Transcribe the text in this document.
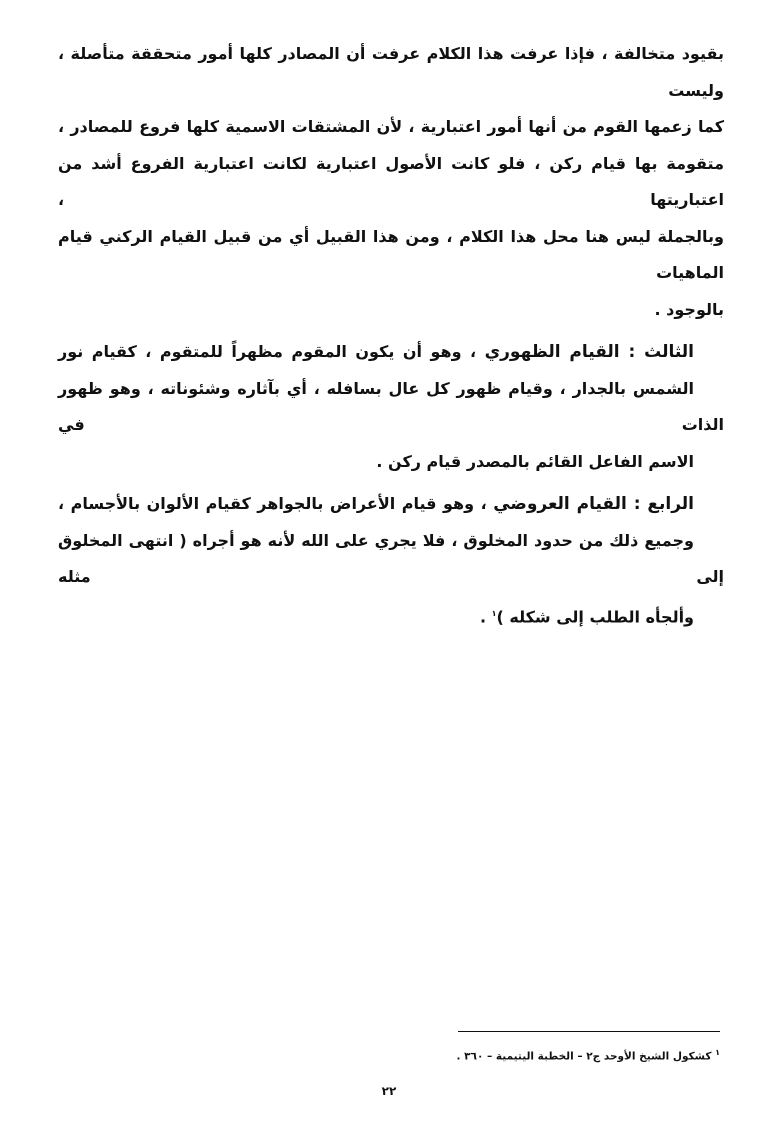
بقيود متخالفة ، فإذا عرفت هذا الكلام عرفت أن المصادر كلها أمور متحققة متأصلة ، وليست
كما زعمها القوم من أنها أمور اعتبارية ، لأن المشتقات الاسمية كلها فروع للمصادر ،
متقومة بها قيام ركن ، فلو كانت الأصول اعتبارية لكانت اعتبارية الفروع أشد من اعتباريتها ،
وبالجملة ليس هنا محل هذا الكلام ، ومن هذا القبيل أي من قبيل القيام الركني قيام الماهيات
بالوجود .

الثالث : القيام الظهوري ، وهو أن يكون المقوم مظهراً للمتقوم ، كقيام نور
الشمس بالجدار ، وقيام ظهور كل عال بسافله ، أي بآثاره وشئوناته ، وهو ظهور الذات في
الاسم الفاعل القائم بالمصدر قيام ركن .

الرابع : القيام العروضي ، وهو قيام الأعراض بالجواهر كقيام الألوان بالأجسام ،
وجميع ذلك من حدود المخلوق ، فلا يجري على الله لأنه هو أجراه ( انتهى المخلوق إلى مثله
وألجأه الطلب إلى شكله )$^١$ .

$^١$ كشكول الشيخ الأوحد ج٢ – الخطبة اليتيمية – ٣٦٠ .
٢٢
